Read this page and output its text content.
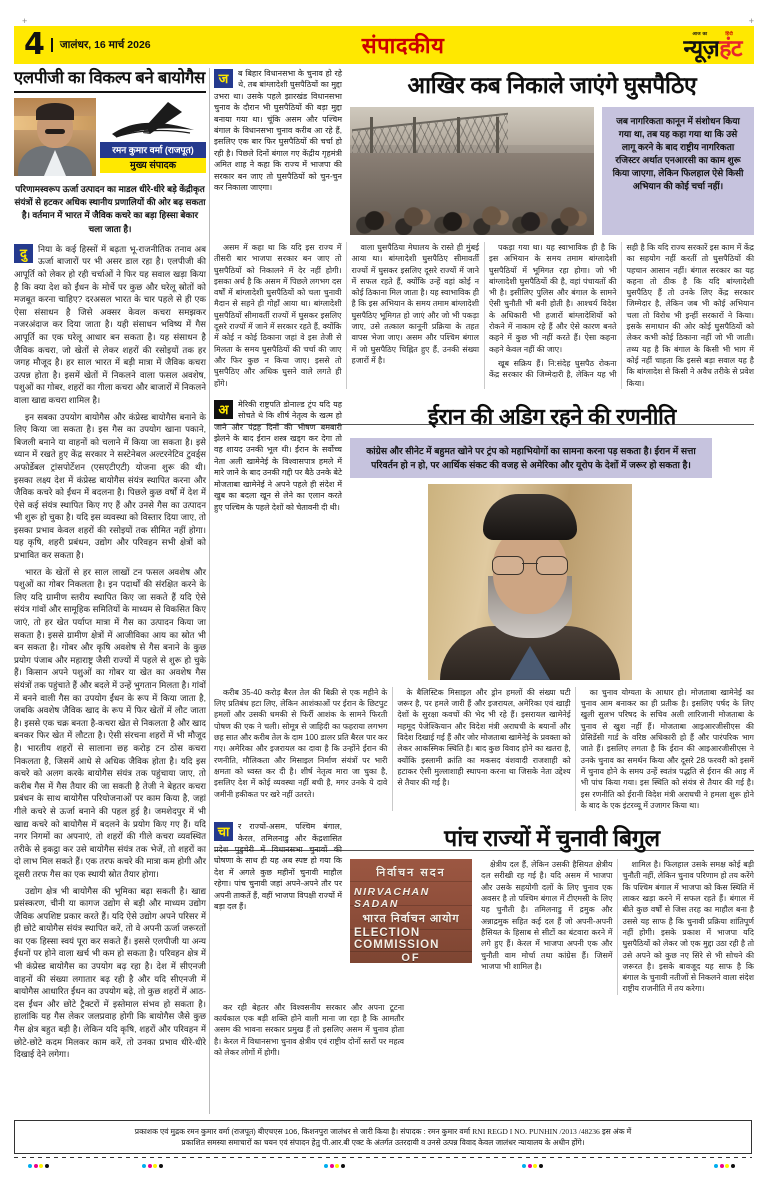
+	+
4	जालंधर, 16 मार्च 2026	संपादकीय	आज का	हिंदी
न्यूज़हंट
एलपीजी का विकल्प बने बायोगैस
रमन कुमार वर्मा (राजपूत)
मुख्य संपादक
परिणामस्वरूप ऊर्जा उत्पादन का माडल धीरे-धीरे बड़े केंद्रीकृत संयंत्रों से हटकर अधिक स्थानीय प्रणालियों की ओर बढ़ सकता है। वर्तमान में भारत में जैविक कचरे का बड़ा हिस्सा बेकार चला जाता है।

दु	निया के कई हिस्सों में बढ़ता भू-राजनीतिक तनाव अब ऊर्जा बाजारों पर भी असर डाल रहा है। एलपीजी की आपूर्ति को लेकर हो रही चर्चाओं ने फिर यह सवाल खड़ा किया है कि क्या देश को ईंधन के मोर्चे पर कुछ और घरेलू स्रोतों को मजबूत करना चाहिए? दरअसल भारत के चार पहले से ही एक ऐसा संसाधन है जिसे अक्सर केवल कचरा समझकर नजरअंदाज कर दिया जाता है। यही संसाधन भविष्य में गैस आपूर्ति का एक घरेलू आधार बन सकता है। यह संसाधन है जैविक कचरा, जो खेतों से लेकर शहरों की रसोइयों तक हर जगह मौजूद है। हर साल भारत में बड़ी मात्रा में जैविक कचरा उत्पन्न होता है। इसमें खेतों में निकलने वाला फसल अवशेष, पशुओं का गोबर, शहरों का गीला कचरा और बाजारों में निकलने वाला खाद्य कचरा शामिल है।

इन सबका उपयोग बायोगैस और कंप्रेस्ड बायोगैस बनाने के लिए किया जा सकता है। इस गैस का उपयोग खाना पकाने, बिजली बनाने या वाहनों को चलाने में किया जा सकता है। इसे ध्यान में रखते हुए केंद्र सरकार ने सस्टेनेबल अल्टरनेटिव टुवर्ड्स अफोर्डेबल ट्रांसपोर्टेशन (एसएटीएटी) योजना शुरू की थी। इसका लक्ष्य देश में कंप्रेस्ड बायोगैस संयंत्र स्थापित करना और जैविक कचरे को ईंधन में बदलना है। पिछले कुछ वर्षों में देश में ऐसे कई संयंत्र स्थापित किए गए हैं और उनसे गैस का उत्पादन भी शुरू हो चुका है। यदि इस व्यवस्था को विस्तार दिया जाए, तो इसका प्रभाव केवल शहरों की रसोइयों तक सीमित नहीं होगा। यह कृषि, शहरी प्रबंधन, उद्योग और परिवहन सभी क्षेत्रों को प्रभावित कर सकता है।

भारत के खेतों से हर साल लाखों टन फसल अवशेष और पशुओं का गोबर निकलता है। इन पदार्थों की संरक्षित करने के लिए यदि ग्रामीण स्तरीय स्थापित किए जा सकते हैं यदि ऐसे संयंत्र गांवों और सामूहिक समितियों के माध्यम से विकसित किए जाएं, तो हर खेत पर्याप्त मात्रा में गैस का उत्पादन किया जा सकता है। इससे ग्रामीण क्षेत्रों में आजीविका आय का स्रोत भी बन सकता है। गोबर और कृषि अवशेष से गैस बनाने के कुछ प्रयोग पंजाब और महाराष्ट्र जैसी राज्यों में पहले से शुरू हो चुके हैं। किसान अपने पशुओं का गोबर या खेत का अवशेष गैस संयंत्रों तक पहुंचाते हैं और बदले में उन्हें भुगतान मिलता है। गांवों में बनने वाली गैस का उपयोग ईंधन के रूप में किया जाता है, जबकि अवशेष जैविक खाद के रूप में फिर खेतों में लौट जाता है। इससे एक चक्र बनता है-कचरा खेत से निकलता है और खाद बनकर फिर खेत में लौटता है। ऐसी संरचना शहरों में भी मौजूद है। भारतीय शहरों से सालाना छह करोड़ टन ठोस कचरा निकलता है, जिसमें आधे से अधिक जैविक होता है। यदि इस कचरे को अलग करके बायोगैस संयंत्र तक पहुंचाया जाए, तो करीब गैस में गैस तैयार की जा सकती है तेजी ने बेहतर कचरा प्रबंधन के साथ बायोगैस परियोजनाओं पर काम किया है, जहां गीले कचरे से ऊर्जा बनाने की पहल हुई है। जमशेदपुर में भी खाद्य कचरे को बायोगैस में बदलने के प्रयोग किए गए हैं। यदि नगर निगमों का अपनाएं, तो शहरों की गीले कचरा व्यवस्थित तरीके से इकट्ठा कर उसे बायोगैस संयंत्र तक भेजें, तो शहरों का दो लाभ मिल सकते हैं। एक तरफ कचरे की मात्रा कम होगी और दूसरी तरफ गैस का एक स्थायी स्रोत तैयार होगा।

उद्योग क्षेत्र भी बायोगैस की भूमिका बढ़ा सकती है। खाद्य प्रसंस्करण, चीनी या कागज उद्योग से बड़ी और माध्यम उद्योग जैविक अपशिष्ट प्रकार करते हैं। यदि ऐसे उद्योग अपने परिसर में ही छोटे बायोगैस संयंत्र स्थापित करें, तो वे अपनी ऊर्जा जरूरतों का एक हिस्सा स्वयं पूरा कर सकते हैं। इससे एलपीजी या अन्य ईंधनों पर होने वाला खर्च भी कम हो सकता है। परिवहन क्षेत्र में भी कंप्रेस्ड बायोगैस का उपयोग बढ़ रहा है। देश में सीएनजी वाहनों की संख्या लगातार बढ़ रही है और यदि सीएनजी में बायोगैस आधारित ईंधन का उपयोग बढ़े, तो कुछ शहरों में आठ-दस ईंधन और छोटे ट्रैक्टरों में इस्तेमाल संभव हो सकता है। हालांकि यह गैस लेकर जलप्रवाह होगी कि बायोगैस जैसे कुछ गैस क्षेत्र बहुत बड़ी है। लेकिन यदि कृषि, शहरों और परिवहन में छोटे-छोटे कदम मिलकर काम करें, तो उनका प्रभाव धीरे-धीरे दिखाई देने लगेगा।

ज	ब बिहार विधानसभा के चुनाव हो रहे थे, तब बांग्लादेशी घुसपैठियों का मुद्दा उभरा था। उसके पहले झारखंड विधानसभा चुनाव के दौरान भी घुसपैठियों की बड़ा मुद्दा बनाया गया था। चूंकि असम और पश्चिम बंगाल के विधानसभा चुनाव करीब आ रहे हैं, इसलिए एक बार फिर घुसपैठियों की चर्चा हो रही है। पिछले दिनों बंगाल गए केंद्रीय गृहमंत्री अमित शाह ने कहा कि राज्य में भाजपा की सरकार बन जाए तो घुसपैठियों को चुन-चुन कर निकाला जाएगा।
आखिर कब निकाले जाएंगे घुसपैठिए
जब नागरिकता कानून में संशोधन किया गया था, तब यह कहा गया था कि उसे लागू करने के बाद राष्ट्रीय नागरिकता रजिस्टर अर्थात एनआरसी का काम शुरू किया जाएगा, लेकिन फिलहाल ऐसे किसी अभियान की कोई चर्चा नहीं।

असम में कहा था कि यदि इस राज्य में तीसरी बार भाजपा सरकार बन जाए तो घुसपैठियों को निकालने में देर नहीं होगी। इसका अर्थ है कि असम में पिछले लगभग दस वर्षों में बांग्लादेशी घुसपैठियों को चला चुनावी मैदान से सहने ही गोहाँ आया था। बांग्लादेशी घुसपैठियों सीमावर्ती राज्यों में घुसकर इसलिए दूसरे राज्यों में जाने में सरकार रहते हैं, क्योंकि में कोई न कोई ठिकाना जहां वे इस तेजी से मिलता के समय घुसपैठियों की चर्चा की जाए और फिर कुछ न किया जाए। इससे तो घुसपैठिए और अधिक घुसने वाले लगते ही होंगे।

वाला घुसपैठिया मेघालय के रास्ते ही मुंबई आया था। बांग्लादेशी घुसपैठिए सीमावर्ती राज्यों में घुसकर इसलिए दूसरे राज्यों में जाने में सफल रहते हैं, क्योंकि उन्हें वहां कोई न कोई ठिकाना मिल जाता है। यह स्वाभाविक ही है कि इस अभियान के समय तमाम बांग्लादेशी घुसपैठिए भूमिगत हो जाएं और जो भी पकड़ा जाए, उसे तत्काल कानूनी प्रक्रिया के तहत वापस भेजा जाए। असम और पश्चिम बंगाल में जो घुसपैठिए चिह्नित हुए हैं, उनकी संख्या हजारों में है।

पकड़ा गया था। यह स्वाभाविक ही है कि इस अभियान के समय तमाम बांग्लादेशी घुसपैठियों में भूमिगत रहा होगा। जो भी बांग्लादेशी घुसपैठियों की है, वहां पंचायतों की भी है। इसीलिए पुलिस और बंगाल के सामने ऐसी चुनौती भी बनी होती है। आश्चर्य विदेश के अधिकारी भी हजारों बांग्लादेशियों को रोकने में नाकाम रहे हैं और ऐसे कारण बनते कहने में कुछ भी नहीं करते हैं। ऐसा कहना कहने केवल नहीं की जाए।

खूब सक्रिय हैं। नि:संदेह घुसपैठ रोकना केंद्र सरकार की जिम्मेदारी है, लेकिन यह भी सही है कि यदि राज्य सरकारें इस काम में केंद्र का सहयोग नहीं करतीं तो घुसपैठियों की पहचान आसान नहीं। बंगाल सरकार का यह कहना तो ठीक है कि यदि बांग्लादेशी घुसपैठिए हैं तो उनके लिए केंद्र सरकार जिम्मेदार है, लेकिन जब भी कोई अभियान चला तो विरोध भी इन्हीं सरकारों ने किया। इसके समाधान की ओर कोई घुसपैठियों को लेकर कभी कोई ठिकाना नहीं जो भी जाती। तथ्य यह है कि बंगाल के किसी भी भाग में कोई नहीं चाहता कि इससे बड़ा सवाल यह है कि बांग्लादेश से किसी ने अवैध तरीके से प्रवेश किया।

अ	मेरिकी राष्ट्रपति डोनाल्ड ट्रंप यदि यह सोचते थे कि शीर्ष नेतृत्व के खत्म हो जाने और पंद्रह दिनों की भीषण बमबारी झेलने के बाद ईरान शस्त्र खड्ग कर देगा तो वह शायद उनकी भूल थी। ईरान के सर्वोच्च नेता अली खामेनेई के विश्वासपात्र हमले में मारे जाने के बाद उनकी गद्दी पर बैठे उनके बेटे मोजताबा खामेनेई ने अपने पहले ही संदेश में खुब का बदला खून से लेने का एलान करते हुए पश्चिम के पहले देशों को चेतावनी दी थी।
ईरान की अडिग रहने की रणनीति
कांग्रेस और सीनेट में बहुमत खोने पर ट्रंप को महाभियोगों का सामना करना पड़ सकता है। ईरान में सत्ता परिवर्तन हो न हो, पर आर्थिक संकट की वजह से अमेरिका और यूरोप के देशों में जरूर हो सकता है।

करीब 35-40 करोड़ बैरल तेल की बिक्री से एक महीने के लिए प्रतिबंध हटा लिए, लेकिन आशंकाओं पर ईरान के छिटपुट हमलों और उसकी धमकी से फिर्री आशंक के सामने फिरती पोषण की एक ने चली। सोमूत्र से जाहिदी का फहराया लगभग छह सात और करीब तेल के दाम 100 डालर प्रति बैरल पार कर गए। अमेरिका और इजरायल का दावा है कि उन्होंने ईरान की रणनीति, मौलिकता और मिसाइल निर्माण संयंत्रों पर भारी क्षमता को ध्वस्त कर दी है। शीर्ष नेतृत्व मारा जा चुका है, इसलिए देश में कोई व्यवस्था नहीं बची है, मगर उनके ये दावे जमीनी हकीकत पर खरे नहीं उतरते।

के बैलिस्टिक मिसाइल और ड्रोन हमलों की संख्या घटी जरूर है, पर हमले जारी हैं और इजरायल, अमेरिका एवं खाड़ी देशों के सुरक्षा कवचों की भेद भी रहे हैं। इसरायल खामेनेई महमूद पेजेश्कियान और विदेश मंत्री अराघची के बयानों और विदेश दिखाई गई हैं और जोर मोजताबा खामेनेई के प्रवक्ता को लेकर आकस्मिक स्थिति है। बाद कुछ विवाद होने का खतरा है, क्योंकि इस्लामी क्रांति का मकसद वंशवादी राजशाही को हटाकर ऐसी मुल्लाशाही स्थापना करना था जिसके नेता उद्देश्य से तैयार की गई है।

का चुनाव योग्यता के आधार हो। मोजताबा खामेनेई का चुनाव आम बनाकर का ही प्रतीक है। इसलिए पर्षद के लिए खुली सुलभ परिषद के सचिव अली लारिजानी मोजताबा के चुनाव से खुश नहीं हैं। मोजताबा आइआरजीसीएस की प्रेसिडेंसी गार्ड के वरिष्ठ अधिकारी हो हैं और पारंपरिक भाग जाते हैं। इसलिए लगता है कि ईरान की आइआरजीसीएस ने उनके चुनाव का समर्थन किया और दूसरे 28 फरवरी को इसमें में चुनाव होने के समय उन्हें स्वतंत्र पद्धति से ईरान की आइ में भी पांच किया गया। इस स्थिति को संयंत्र से तैयार की गई है। इस रणनीति को ईरानी विदेश मंत्री अराघची ने हमला शुरू होने के बाद के एक इंटरव्यू में उजागर किया था।

चा	र राज्यों-असम, पश्चिम बंगाल, केरल, तमिलनाडु और केंद्रशासित प्रदेश पुडुचेरी में विधानसभा चुनावों की घोषणा के साथ ही यह अब स्पष्ट हो गया कि देश में अगले कुछ महीनों चुनावी माहौल रहेगा। पांच चुनावी जहां अपने-अपने तौर पर अपनी ताकतें हैं, वहीं भाजपा विपक्षी राज्यों में बड़ा दल हैं।
पांच राज्यों में चुनावी बिगुल
निर्वाचन सदन
NIRVACHAN SADAN
भारत निर्वाचन आयोग
ELECTION COMMISSION
OF

क्षेत्रीय दल हैं, लेकिन उसकी हैसियत क्षेत्रीय दल सरीखी रह गई है। यदि असम में भाजपा और उसके सहयोगी दलों के लिए चुनाव एक अवसर है तो पश्चिम बंगाल में टीएमसी के लिए यह चुनौती है। तमिलनाडु में द्रमुक और अन्नाद्रमुक सहित कई दल हैं जो अपनी-अपनी हैसियत के हिसाब से सीटों का बंटवारा करने में लगे हुए हैं। केरल में भाजपा अपनी एक और चुनौती वाम मोर्चा तथा कांग्रेस हैं। जिसमें भाजपा भी शामिल है।

शामिल है। फिलहाल उसके समक्ष कोई बड़ी चुनौती नहीं, लेकिन चुनाव परिणाम हो तय करेंगे कि पश्चिम बंगाल में भाजपा को किस स्थिति में लाकर खड़ा करने में सफल रहते हैं। बंगाल में बीते कुछ वर्षों से जिस तरह का माहौल बना है उससे यह साफ है कि चुनावी प्रक्रिया शांतिपूर्ण नहीं होगी। इसके प्रकाश में भाजपा यदि घुसपैठियों को लेकर जो एक मुद्दा उठा रही है तो उसे अपने को कुछ नए सिरे से भी सोचने की जरूरत है। इसके बावजूद यह साफ है कि बंगाल के चुनावी नतीजों से निकलने वाला संदेश राष्ट्रीय राजनीति में तय करेगा।

कर रही बेहतर और विश्वसनीय सरकार और अपना टूटना कार्यकाल एक बड़ी शक्ति होने वाली माना जा रहा है कि आमतौर असम की भावना सरकार प्रमुख हैं तो इसलिए असम में चुनाव होता है। केरल में विधानसभा चुनाव क्षेत्रीय एवं राष्ट्रीय दोनों स्तरों पर महत्व को लेकर लोगों में होगी।

प्रकाशक एवं मुद्रक रमन कुमार वर्मा (राजपूत) बीएचएस 106, किशनपुरा जालंधर से जारी किया है। संपादक : रमन कुमार वर्मा RNI REGD I NO. PUNHIN /2013 /48236 इस अंक में
प्रकाशित समस्या समाचारों का चयन एवं संपादन हेतु पी.आर.बी एक्ट के अंतर्गत उतरदायी व उनसे उत्पन्न विवाद केवल जालंधर न्यायालय के अधीन होंगे।
